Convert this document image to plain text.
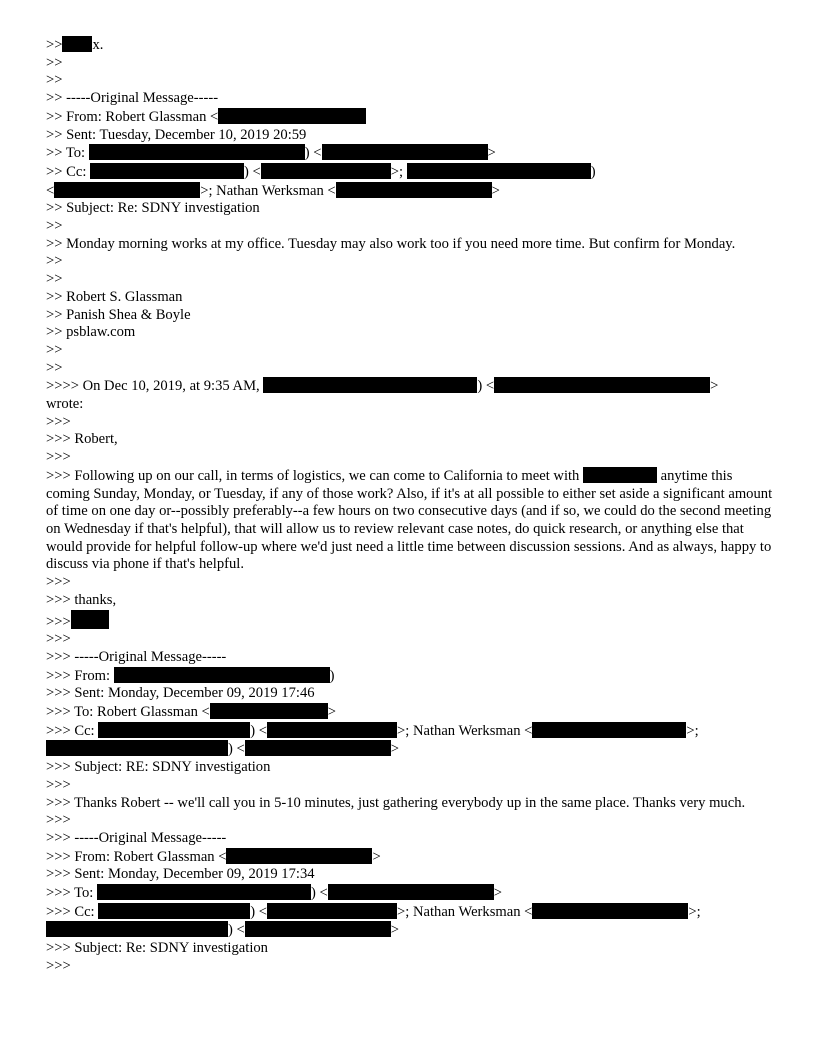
>> x.
>>
>>
>> -----Original Message-----
>> From: Robert Glassman <
>> Sent: Tuesday, December 10, 2019 20:59
>> To:	) <	>
>> Cc:	) <	>;	)
<	>; Nathan Werksman <	>
>> Subject: Re: SDNY investigation
>>
>> Monday morning works at my office. Tuesday may also work too if you need more time. But confirm for Monday.
>>
>>
>> Robert S. Glassman
>> Panish Shea & Boyle
>> psblaw.com
>>
>>
>>>> On Dec 10, 2019, at 9:35 AM,	) <	>
wrote:
>>>
>>> Robert,
>>>
>>> Following up on our call, in terms of logistics, we can come to California to meet with	anytime this coming Sunday, Monday, or Tuesday, if any of those work? Also, if it's at all possible to either set aside a significant amount of time on one day or--possibly preferably--a few hours on two consecutive days (and if so, we could do the second meeting on Wednesday if that's helpful), that will allow us to review relevant case notes, do quick research, or anything else that would provide for helpful follow-up where we'd just need a little time between discussion sessions. And as always, happy to discuss via phone if that's helpful.
>>>
>>> thanks,
>>>
>>>
>>> -----Original Message-----
>>> From:	)
>>> Sent: Monday, December 09, 2019 17:46
>>> To: Robert Glassman <	>
>>> Cc:	) <	>; Nathan Werksman <	>;
) <	>
>>> Subject: RE: SDNY investigation
>>>
>>> Thanks Robert -- we'll call you in 5-10 minutes, just gathering everybody up in the same place. Thanks very much.
>>>
>>> -----Original Message-----
>>> From: Robert Glassman <	>
>>> Sent: Monday, December 09, 2019 17:34
>>> To:	) <	>
>>> Cc:	) <	>; Nathan Werksman <	>;
) <	>
>>> Subject: Re: SDNY investigation
>>>
